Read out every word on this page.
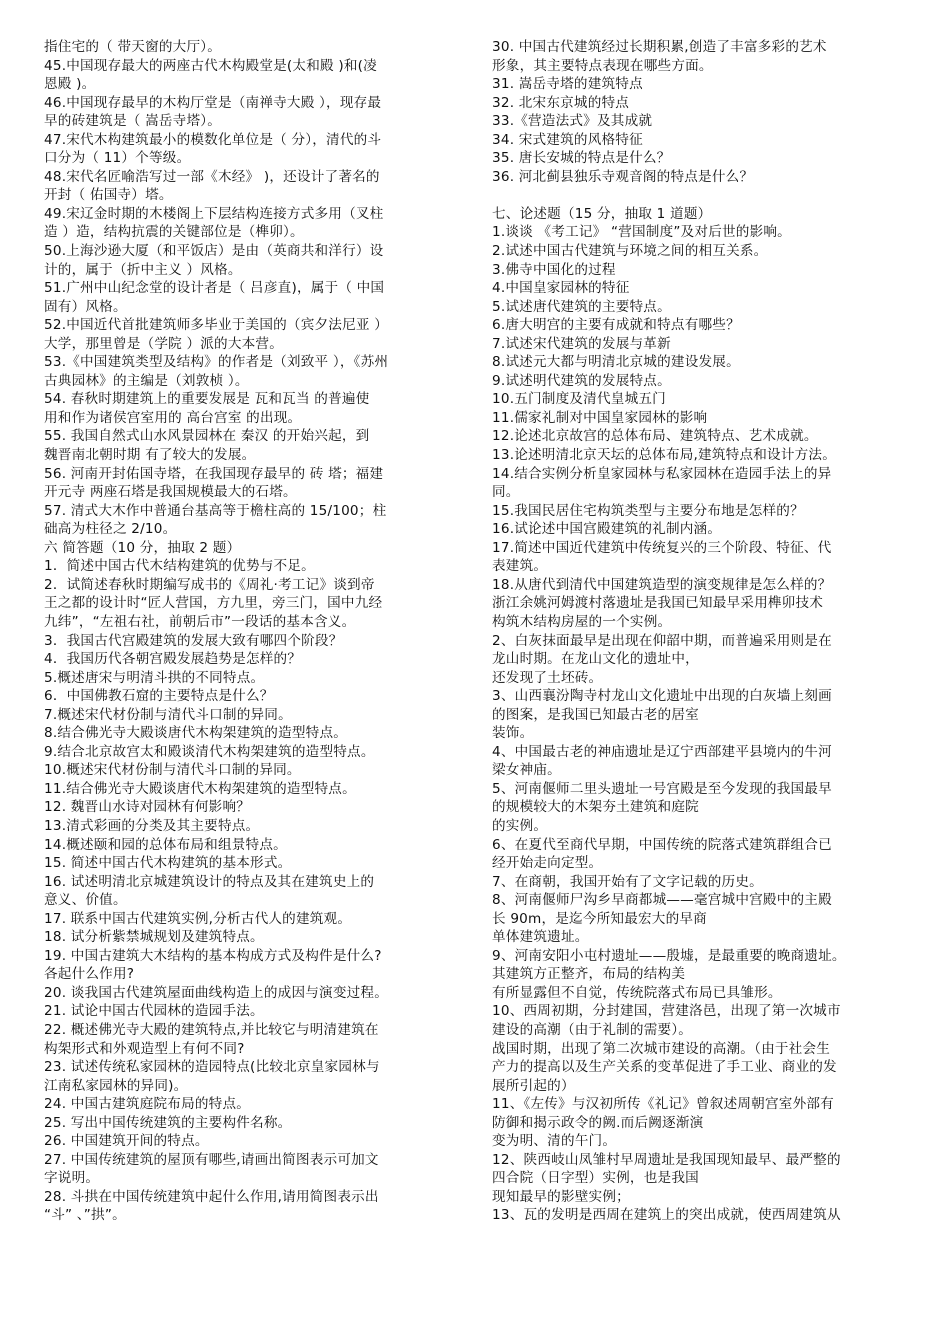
指住宅的（ 带天窗的大厅）。
45.中国现存最大的两座古代木构殿堂是(太和殿 )和(凌
恩殿 )。
46.中国现存最早的木构厅堂是（南禅寺大殿 ），现存最
早的砖建筑是（ 嵩岳寺塔）。
47.宋代木构建筑最小的模数化单位是（ 分），清代的斗
口分为（ 11）个等级。
48.宋代名匠喻浩写过一部《木经》 )，还设计了著名的
开封（ 佑国寺）塔。
49.宋辽金时期的木楼阁上下层结构连接方式多用（叉柱
造 ）造，结构抗震的关键部位是（榫卯）。
50.上海沙逊大厦（和平饭店）是由（英商共和洋行）设
计的，属于（折中主义 ）风格。
51.广州中山纪念堂的设计者是（ 吕彦直)，属于（ 中国
固有）风格。
52.中国近代首批建筑师多毕业于美国的（宾夕法尼亚 ）
大学，那里曾是（学院 ）派的大本营。
53.《中国建筑类型及结构》的作者是（刘致平 ），《苏州
古典园林》的主编是（刘敦桢 ）。
54. 春秋时期建筑上的重要发展是 瓦和瓦当 的普遍使
用和作为诸侯宫室用的 高台宫室 的出现。
55. 我国自然式山水风景园林在 秦汉 的开始兴起，到
魏晋南北朝时期 有了较大的发展。
56. 河南开封佑国寺塔，在我国现存最早的 砖 塔；福建
开元寺 两座石塔是我国规模最大的石塔。
57. 清式大木作中普通台基高等于檐柱高的 15/100；柱
础高为柱径之 2/10。
六 简答题（10 分，抽取 2 题）
1．简述中国古代木结构建筑的优势与不足。
2．试简述春秋时期编写成书的《周礼·考工记》谈到帝
王之都的设计时“匠人营国，方九里，旁三门，国中九经
九纬”，“左祖右社，前朝后市”一段话的基本含义。
3．我国古代宫殿建筑的发展大致有哪四个阶段？
4．我国历代各朝宫殿发展趋势是怎样的？
5.概述唐宋与明清斗拱的不同特点。
6．中国佛教石窟的主要特点是什么？
7.概述宋代材份制与清代斗口制的异同。
8.结合佛光寺大殿谈唐代木构架建筑的造型特点。
9.结合北京故宫太和殿谈清代木构架建筑的造型特点。
10.概述宋代材份制与清代斗口制的异同。
11.结合佛光寺大殿谈唐代木构架建筑的造型特点。
12. 魏晋山水诗对园林有何影响？
13.清式彩画的分类及其主要特点。
14.概述颐和园的总体布局和组景特点。
15. 简述中国古代木构建筑的基本形式。
16. 试述明清北京城建筑设计的特点及其在建筑史上的
意义、价值。
17. 联系中国古代建筑实例,分析古代人的建筑观。
18. 试分析紫禁城规划及建筑特点。
19. 中国古建筑大木结构的基本构成方式及构件是什么?
各起什么作用?
20. 谈我国古代建筑屋面曲线构造上的成因与演变过程。
21. 试论中国古代园林的造园手法。
22. 概述佛光寺大殿的建筑特点,并比较它与明清建筑在
构架形式和外观造型上有何不同?
23. 试述传统私家园林的造园特点(比较北京皇家园林与
江南私家园林的异同)。
24. 中国古建筑庭院布局的特点。
25. 写出中国传统建筑的主要构件名称。
26. 中国建筑开间的特点。
27. 中国传统建筑的屋顶有哪些,请画出简图表示可加文
字说明。
28. 斗拱在中国传统建筑中起什么作用,请用简图表示出
“斗” 、”拱”。
30. 中国古代建筑经过长期积累,创造了丰富多彩的艺术
形象，其主要特点表现在哪些方面。
31. 嵩岳寺塔的建筑特点
32. 北宋东京城的特点
33.《营造法式》及其成就
34. 宋式建筑的风格特征
35. 唐长安城的特点是什么？
36. 河北蓟县独乐寺观音阁的特点是什么？
七、论述题（15 分，抽取 1 道题）
1.谈谈 《考工记》 “营国制度”及对后世的影响。
2.试述中国古代建筑与环境之间的相互关系。
3.佛寺中国化的过程
4.中国皇家园林的特征
5.试述唐代建筑的主要特点。
6.唐大明宫的主要有成就和特点有哪些？
7.试述宋代建筑的发展与革新
8.试述元大都与明清北京城的建设发展。
9.试述明代建筑的发展特点。
10.五门制度及清代皇城五门
11.儒家礼制对中国皇家园林的影响
12.论述北京故宫的总体布局、建筑特点、艺术成就。
13.论述明清北京天坛的总体布局,建筑特点和设计方法。
14.结合实例分析皇家园林与私家园林在造园手法上的异
同。
15.我国民居住宅构筑类型与主要分布地是怎样的？
16.试论述中国宫殿建筑的礼制内涵。
17.简述中国近代建筑中传统复兴的三个阶段、特征、代
表建筑。
18.从唐代到清代中国建筑造型的演变规律是怎么样的？
浙江余姚河姆渡村落遗址是我国已知最早采用榫卯技术
构筑木结构房屋的一个实例。
2、白灰抹面最早是出现在仰韶中期，而普遍采用则是在
龙山时期。在龙山文化的遗址中，
还发现了土坯砖。
3、山西襄汾陶寺村龙山文化遗址中出现的白灰墙上刻画
的图案，是我国已知最古老的居室
装饰。
4、中国最古老的神庙遗址是辽宁西部建平县境内的牛河
梁女神庙。
5、河南偃师二里头遗址一号宫殿是至今发现的我国最早
的规模较大的木架夯土建筑和庭院
的实例。
6、在夏代至商代早期，中国传统的院落式建筑群组合已
经开始走向定型。
7、在商朝，我国开始有了文字记载的历史。
8、河南偃师尸沟乡早商都城——毫宫城中宫殿中的主殿
长 90m，是迄今所知最宏大的早商
单体建筑遗址。
9、河南安阳小屯村遗址——殷墟，是最重要的晚商遗址。
其建筑方正整齐，布局的结构美
有所显露但不自觉，传统院落式布局已具雏形。
10、西周初期，分封建国，营建洛邑，出现了第一次城市
建设的高潮（由于礼制的需要）。
战国时期，出现了第二次城市建设的高潮。（由于社会生
产力的提高以及生产关系的变革促进了手工业、商业的发
展所引起的）
11、《左传》与汉初所传《礼记》曾叙述周朝宫室外部有
防御和揭示政令的阙.而后阙逐渐演
变为明、清的午门。
12、陕西岐山凤雏村早周遗址是我国现知最早、最严整的
四合院（日字型）实例，也是我国
现知最早的影壁实例；
13、瓦的发明是西周在建筑上的突出成就，使西周建筑从
